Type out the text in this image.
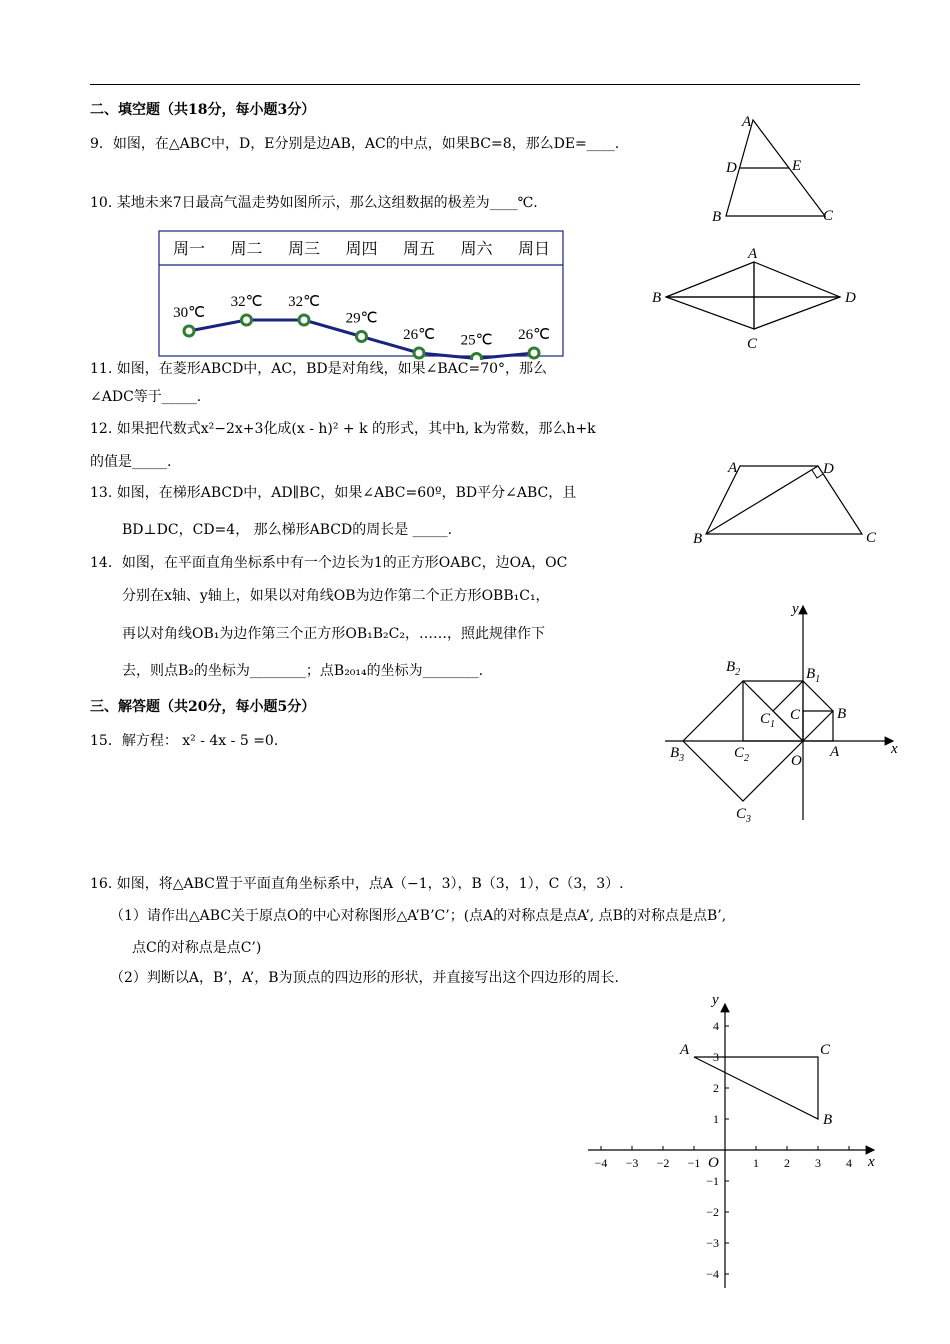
二、填空题（共18分，每小题3分）
9．如图，在△ABC中，D，E分别是边AB，AC的中点，如果BC=8，那么DE=____.
10. 某地未来7日最高气温走势如图所示，那么这组数据的极差为____℃.
周一 周二 周三 周四 周五 周六 周日
30℃
32℃ 32℃
29℃
26℃ 25℃ 26℃
11. 如图，在菱形ABCD中，AC，BD是对角线，如果∠BAC=70°，那么
∠ADC等于_____.
12. 如果把代数式x²−2x+3化成(x - h)² + k 的形式，其中h, k为常数，那么h+k
的值是_____.
13. 如图，在梯形ABCD中，AD∥BC，如果∠ABC=60º，BD平分∠ABC，且
BD⊥DC，CD=4， 那么梯形ABCD的周长是 _____.
14．如图，在平面直角坐标系中有一个边长为1的正方形OABC，边OA，OC
分别在x轴、y轴上，如果以对角线OB为边作第二个正方形OBB₁C₁，
再以对角线OB₁为边作第三个正方形OB₁B₂C₂，……，照此规律作下
去，则点B₂的坐标为________；点B₂₀₁₄的坐标为________.
三、解答题（共20分，每小题5分）
15．解方程： x² - 4x - 5 =0.
16. 如图，将△ABC置于平面直角坐标系中，点A（−1，3），B（3，1），C（3，3）.
（1）请作出△ABC关于原点O的中心对称图形△A’B’C’；(点A的对称点是点A’, 点B的对称点是点B’,
点C的对称点是点C’)
（2）判断以A，B’，A’，B为顶点的四边形的形状，并直接写出这个四边形的周长.
A
D	E
B	C
A
B	D
C
A	D
B	C
y
x
O
A
B
C
$B_1$
$B_2$
$B_3$
$C_1$
$C_2$
$C_3$
−4 −3 −2 −1	1 2 3 4
4
3
2
1
−1
−2
−3
−4
y
x
O
A
B
C
